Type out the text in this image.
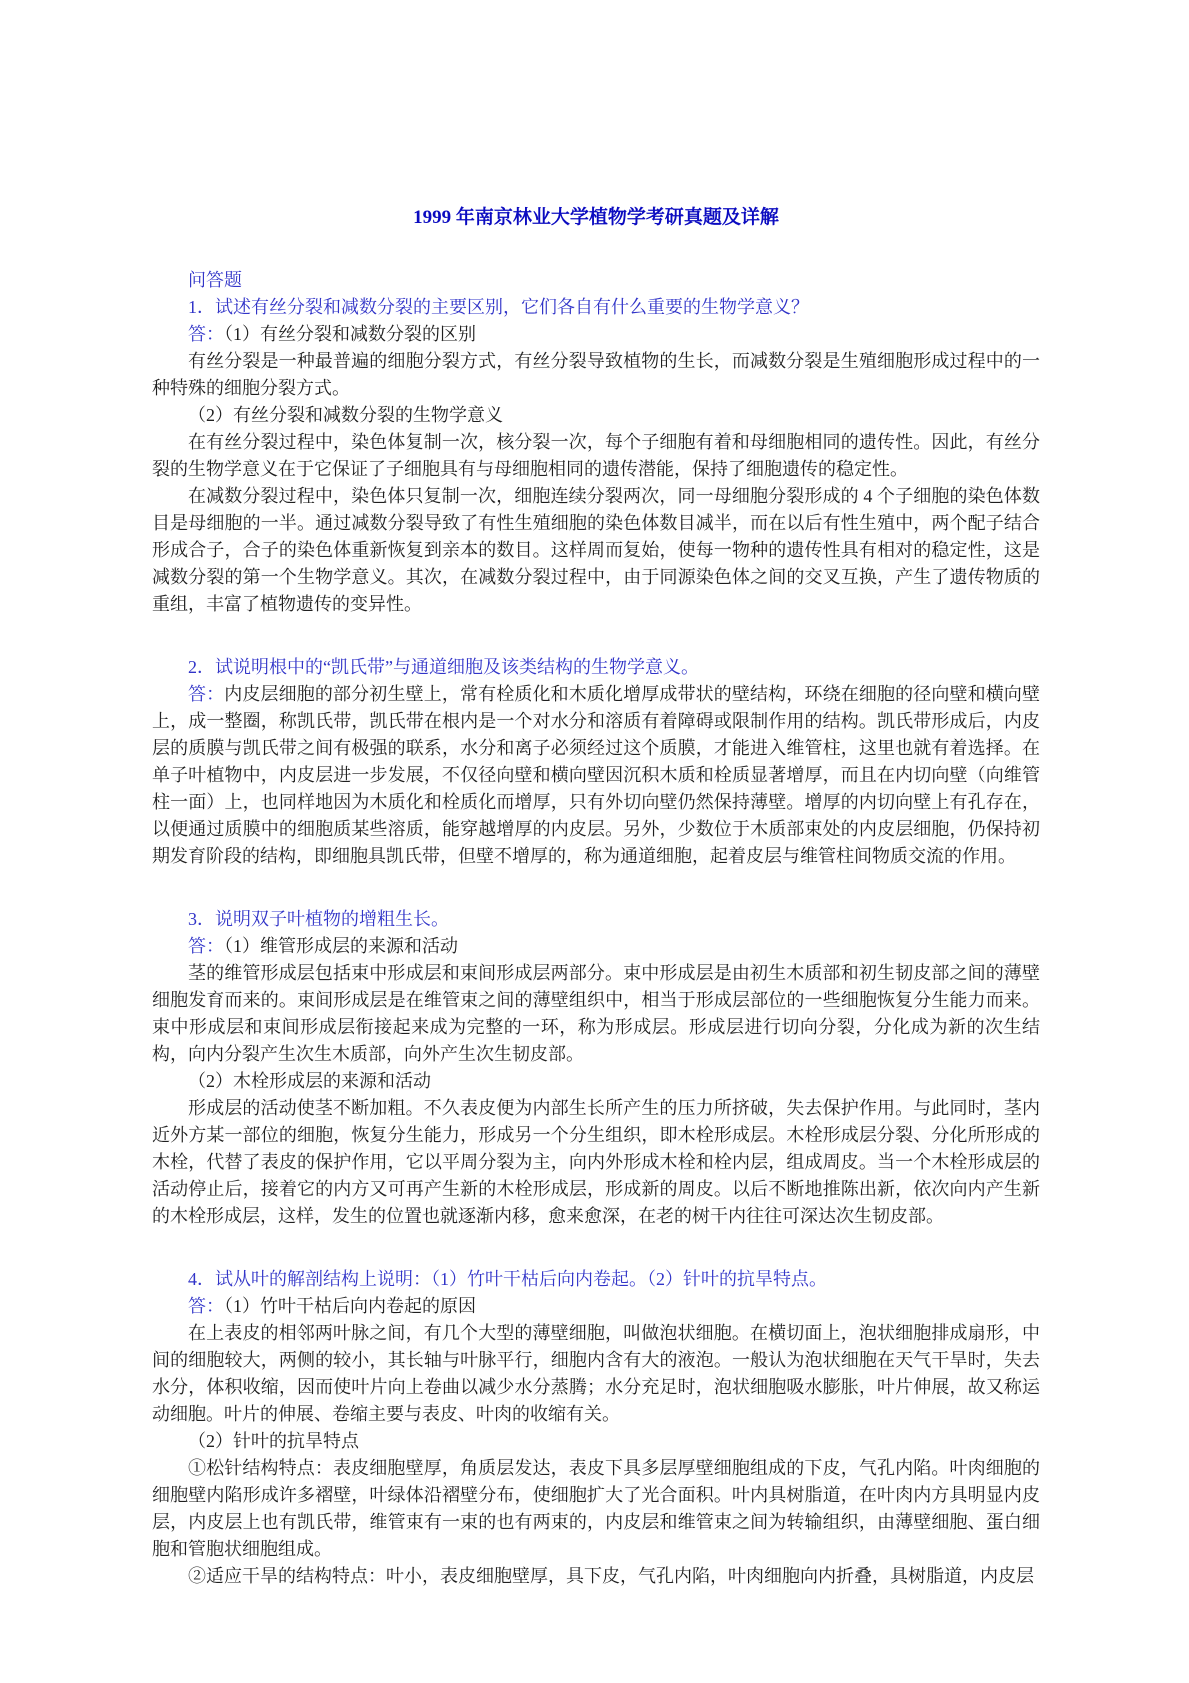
1999 年南京林业大学植物学考研真题及详解

问答题

1．试述有丝分裂和减数分裂的主要区别，它们各自有什么重要的生物学意义？

答：（1）有丝分裂和减数分裂的区别

有丝分裂是一种最普遍的细胞分裂方式，有丝分裂导致植物的生长，而减数分裂是生殖细胞形成过程中的一种特殊的细胞分裂方式。

（2）有丝分裂和减数分裂的生物学意义

在有丝分裂过程中，染色体复制一次，核分裂一次，每个子细胞有着和母细胞相同的遗传性。因此，有丝分裂的生物学意义在于它保证了子细胞具有与母细胞相同的遗传潜能，保持了细胞遗传的稳定性。

在减数分裂过程中，染色体只复制一次，细胞连续分裂两次，同一母细胞分裂形成的 4 个子细胞的染色体数目是母细胞的一半。通过减数分裂导致了有性生殖细胞的染色体数目减半，而在以后有性生殖中，两个配子结合形成合子，合子的染色体重新恢复到亲本的数目。这样周而复始，使每一物种的遗传性具有相对的稳定性，这是减数分裂的第一个生物学意义。其次，在减数分裂过程中，由于同源染色体之间的交叉互换，产生了遗传物质的重组，丰富了植物遗传的变异性。

2．试说明根中的“凯氏带”与通道细胞及该类结构的生物学意义。

答：内皮层细胞的部分初生壁上，常有栓质化和木质化增厚成带状的壁结构，环绕在细胞的径向壁和横向壁上，成一整圈，称凯氏带，凯氏带在根内是一个对水分和溶质有着障碍或限制作用的结构。凯氏带形成后，内皮层的质膜与凯氏带之间有极强的联系，水分和离子必须经过这个质膜，才能进入维管柱，这里也就有着选择。在单子叶植物中，内皮层进一步发展，不仅径向壁和横向壁因沉积木质和栓质显著增厚，而且在内切向壁（向维管柱一面）上，也同样地因为木质化和栓质化而增厚，只有外切向壁仍然保持薄壁。增厚的内切向壁上有孔存在，以便通过质膜中的细胞质某些溶质，能穿越增厚的内皮层。另外，少数位于木质部束处的内皮层细胞，仍保持初期发育阶段的结构，即细胞具凯氏带，但壁不增厚的，称为通道细胞，起着皮层与维管柱间物质交流的作用。

3．说明双子叶植物的增粗生长。

答：（1）维管形成层的来源和活动

茎的维管形成层包括束中形成层和束间形成层两部分。束中形成层是由初生木质部和初生韧皮部之间的薄壁细胞发育而来的。束间形成层是在维管束之间的薄壁组织中，相当于形成层部位的一些细胞恢复分生能力而来。束中形成层和束间形成层衔接起来成为完整的一环，称为形成层。形成层进行切向分裂，分化成为新的次生结构，向内分裂产生次生木质部，向外产生次生韧皮部。

（2）木栓形成层的来源和活动

形成层的活动使茎不断加粗。不久表皮便为内部生长所产生的压力所挤破，失去保护作用。与此同时，茎内近外方某一部位的细胞，恢复分生能力，形成另一个分生组织，即木栓形成层。木栓形成层分裂、分化所形成的木栓，代替了表皮的保护作用，它以平周分裂为主，向内外形成木栓和栓内层，组成周皮。当一个木栓形成层的活动停止后，接着它的内方又可再产生新的木栓形成层，形成新的周皮。以后不断地推陈出新，依次向内产生新的木栓形成层，这样，发生的位置也就逐渐内移，愈来愈深，在老的树干内往往可深达次生韧皮部。

4．试从叶的解剖结构上说明：（1）竹叶干枯后向内卷起。（2）针叶的抗旱特点。

答：（1）竹叶干枯后向内卷起的原因

在上表皮的相邻两叶脉之间，有几个大型的薄壁细胞，叫做泡状细胞。在横切面上，泡状细胞排成扇形，中间的细胞较大，两侧的较小，其长轴与叶脉平行，细胞内含有大的液泡。一般认为泡状细胞在天气干旱时，失去水分，体积收缩，因而使叶片向上卷曲以减少水分蒸腾；水分充足时，泡状细胞吸水膨胀，叶片伸展，故又称运动细胞。叶片的伸展、卷缩主要与表皮、叶肉的收缩有关。

（2）针叶的抗旱特点

①松针结构特点：表皮细胞壁厚，角质层发达，表皮下具多层厚壁细胞组成的下皮，气孔内陷。叶肉细胞的细胞壁内陷形成许多褶壁，叶绿体沿褶壁分布，使细胞扩大了光合面积。叶内具树脂道，在叶肉内方具明显内皮层，内皮层上也有凯氏带，维管束有一束的也有两束的，内皮层和维管束之间为转输组织，由薄壁细胞、蛋白细胞和管胞状细胞组成。

②适应干旱的结构特点：叶小，表皮细胞壁厚，具下皮，气孔内陷，叶肉细胞向内折叠，具树脂道，内皮层
